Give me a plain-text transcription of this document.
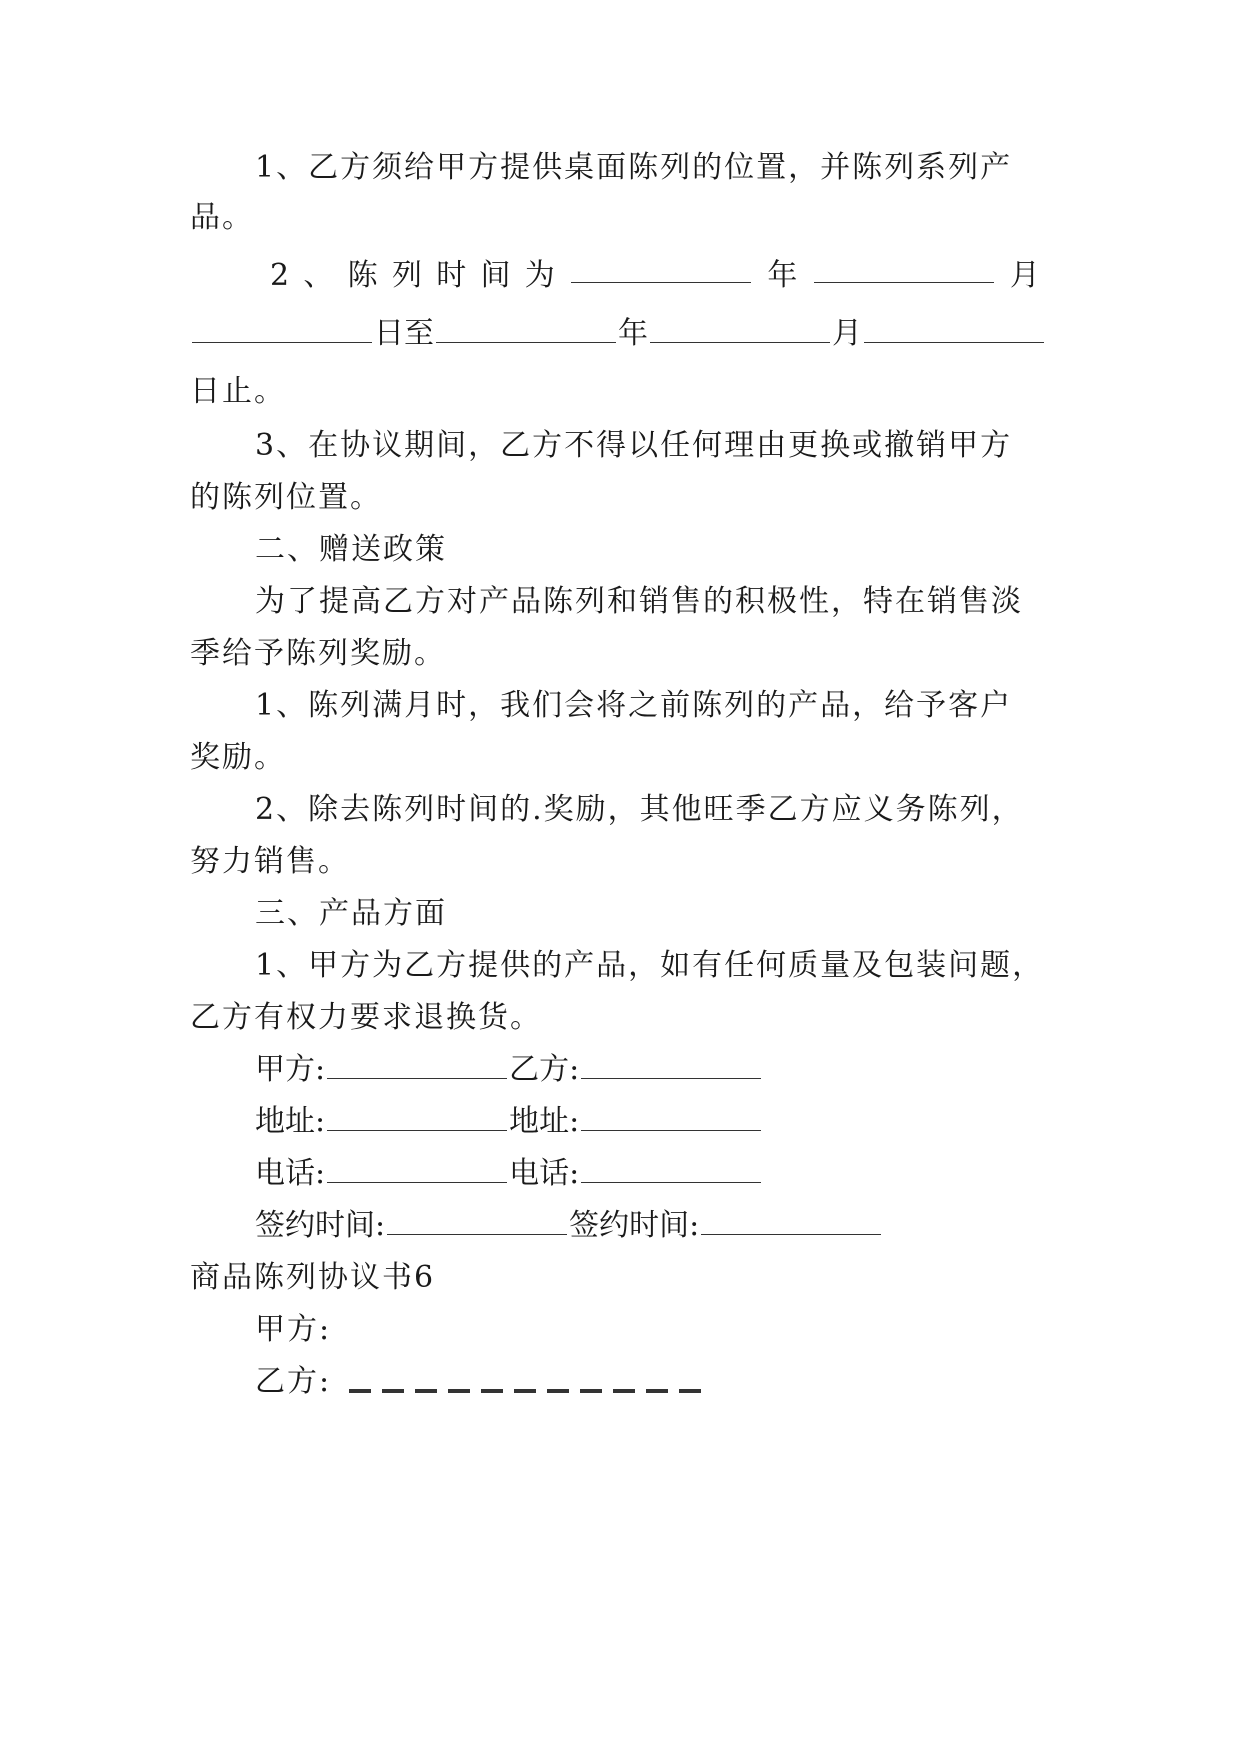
1、乙方须给甲方提供桌面陈列的位置，并陈列系列产
品。
2 、 陈 列 时 间 为	年	月
日至	年	月
日止。
3、在协议期间，乙方不得以任何理由更换或撤销甲方
的陈列位置。
二、赠送政策
为了提高乙方对产品陈列和销售的积极性，特在销售淡
季给予陈列奖励。
1、陈列满月时，我们会将之前陈列的产品，给予客户
奖励。
2、除去陈列时间的.奖励，其他旺季乙方应义务陈列，
努力销售。
三、产品方面
1、甲方为乙方提供的产品，如有任何质量及包装问题，
乙方有权力要求退换货。
甲方:	乙方:
地址:	地址:
电话:	电话:
签约时间:	签约时间:
商品陈列协议书6
甲方:
乙方:
